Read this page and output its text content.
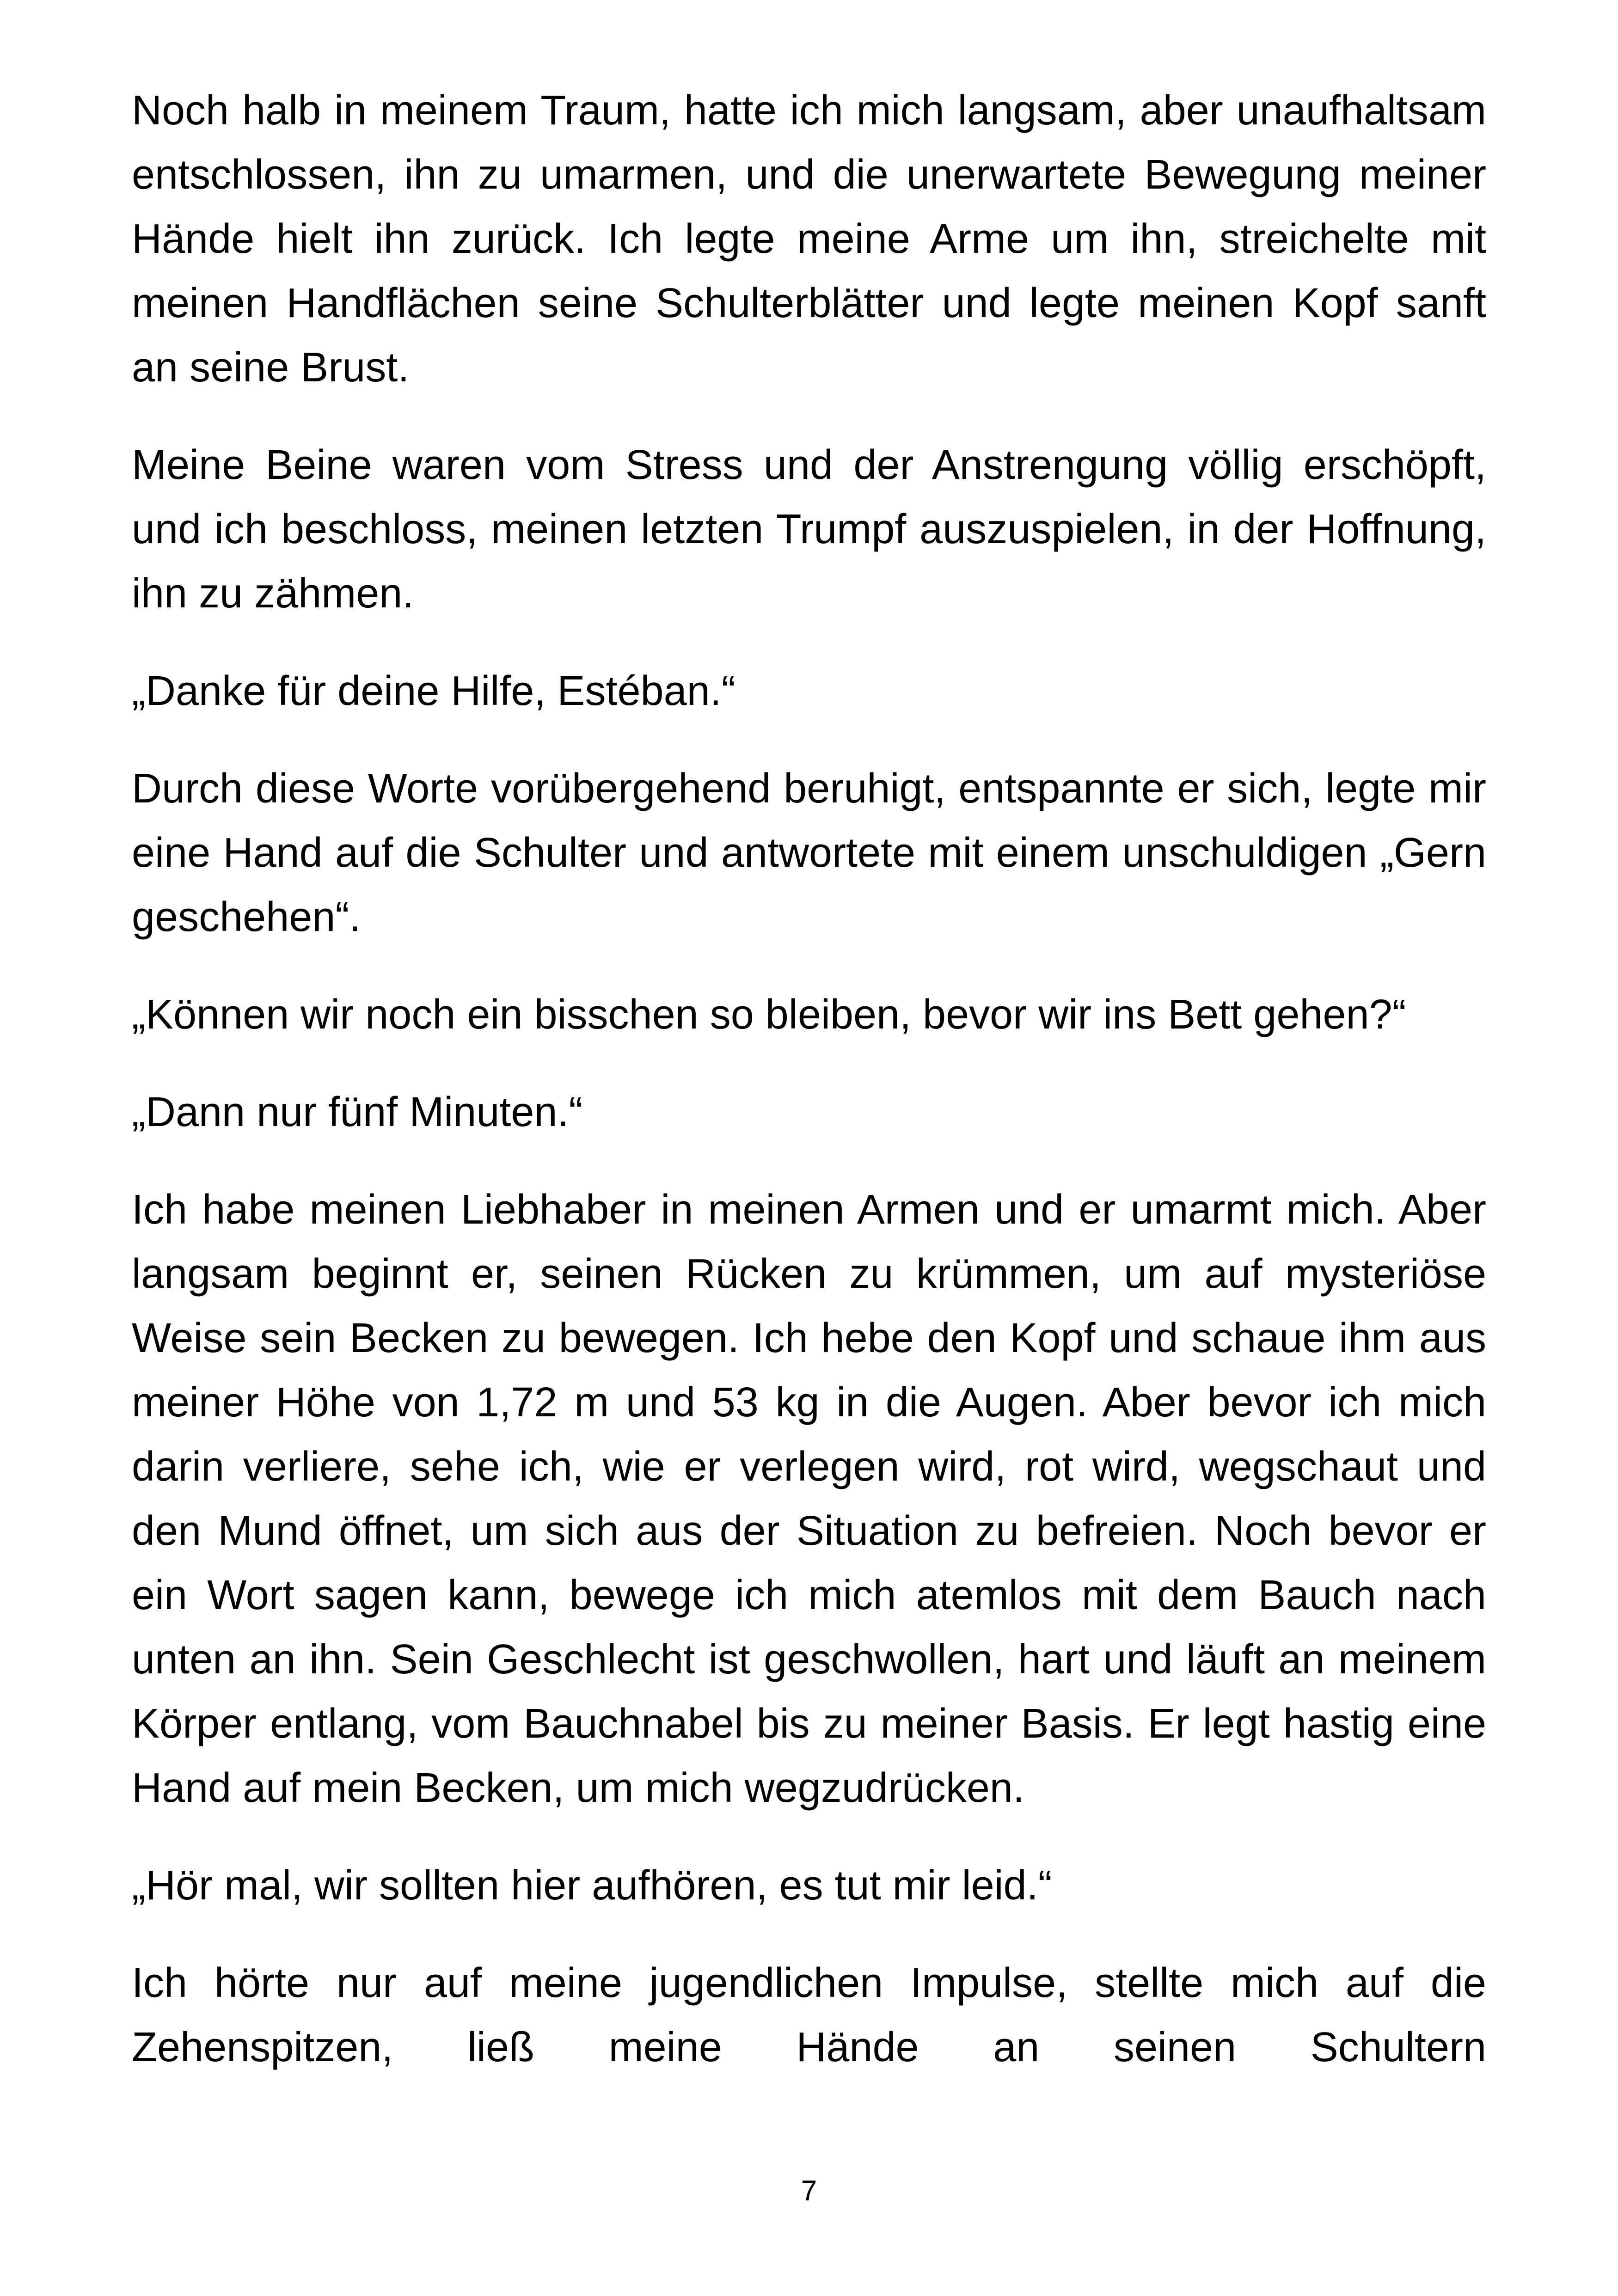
Noch halb in meinem Traum, hatte ich mich langsam, aber unaufhaltsam entschlossen, ihn zu umarmen, und die unerwartete Bewegung meiner Hände hielt ihn zurück. Ich legte meine Arme um ihn, streichelte mit meinen Handflächen seine Schulterblätter und legte meinen Kopf sanft an seine Brust.

Meine Beine waren vom Stress und der Anstrengung völlig erschöpft, und ich beschloss, meinen letzten Trumpf auszuspielen, in der Hoffnung, ihn zu zähmen.

„Danke für deine Hilfe, Estéban.“

Durch diese Worte vorübergehend beruhigt, entspannte er sich, legte mir eine Hand auf die Schulter und antwortete mit einem unschuldigen „Gern geschehen“.

„Können wir noch ein bisschen so bleiben, bevor wir ins Bett gehen?“

„Dann nur fünf Minuten.“

Ich habe meinen Liebhaber in meinen Armen und er umarmt mich. Aber langsam beginnt er, seinen Rücken zu krümmen, um auf mysteriöse Weise sein Becken zu bewegen. Ich hebe den Kopf und schaue ihm aus meiner Höhe von 1,72 m und 53 kg in die Augen. Aber bevor ich mich darin verliere, sehe ich, wie er verlegen wird, rot wird, wegschaut und den Mund öffnet, um sich aus der Situation zu befreien. Noch bevor er ein Wort sagen kann, bewege ich mich atemlos mit dem Bauch nach unten an ihn. Sein Geschlecht ist geschwollen, hart und läuft an meinem Körper entlang, vom Bauchnabel bis zu meiner Basis. Er legt hastig eine Hand auf mein Becken, um mich wegzudrücken.

„Hör mal, wir sollten hier aufhören, es tut mir leid.“

Ich hörte nur auf meine jugendlichen Impulse, stellte mich auf die Zehenspitzen, ließ meine Hände an seinen Schultern

7
